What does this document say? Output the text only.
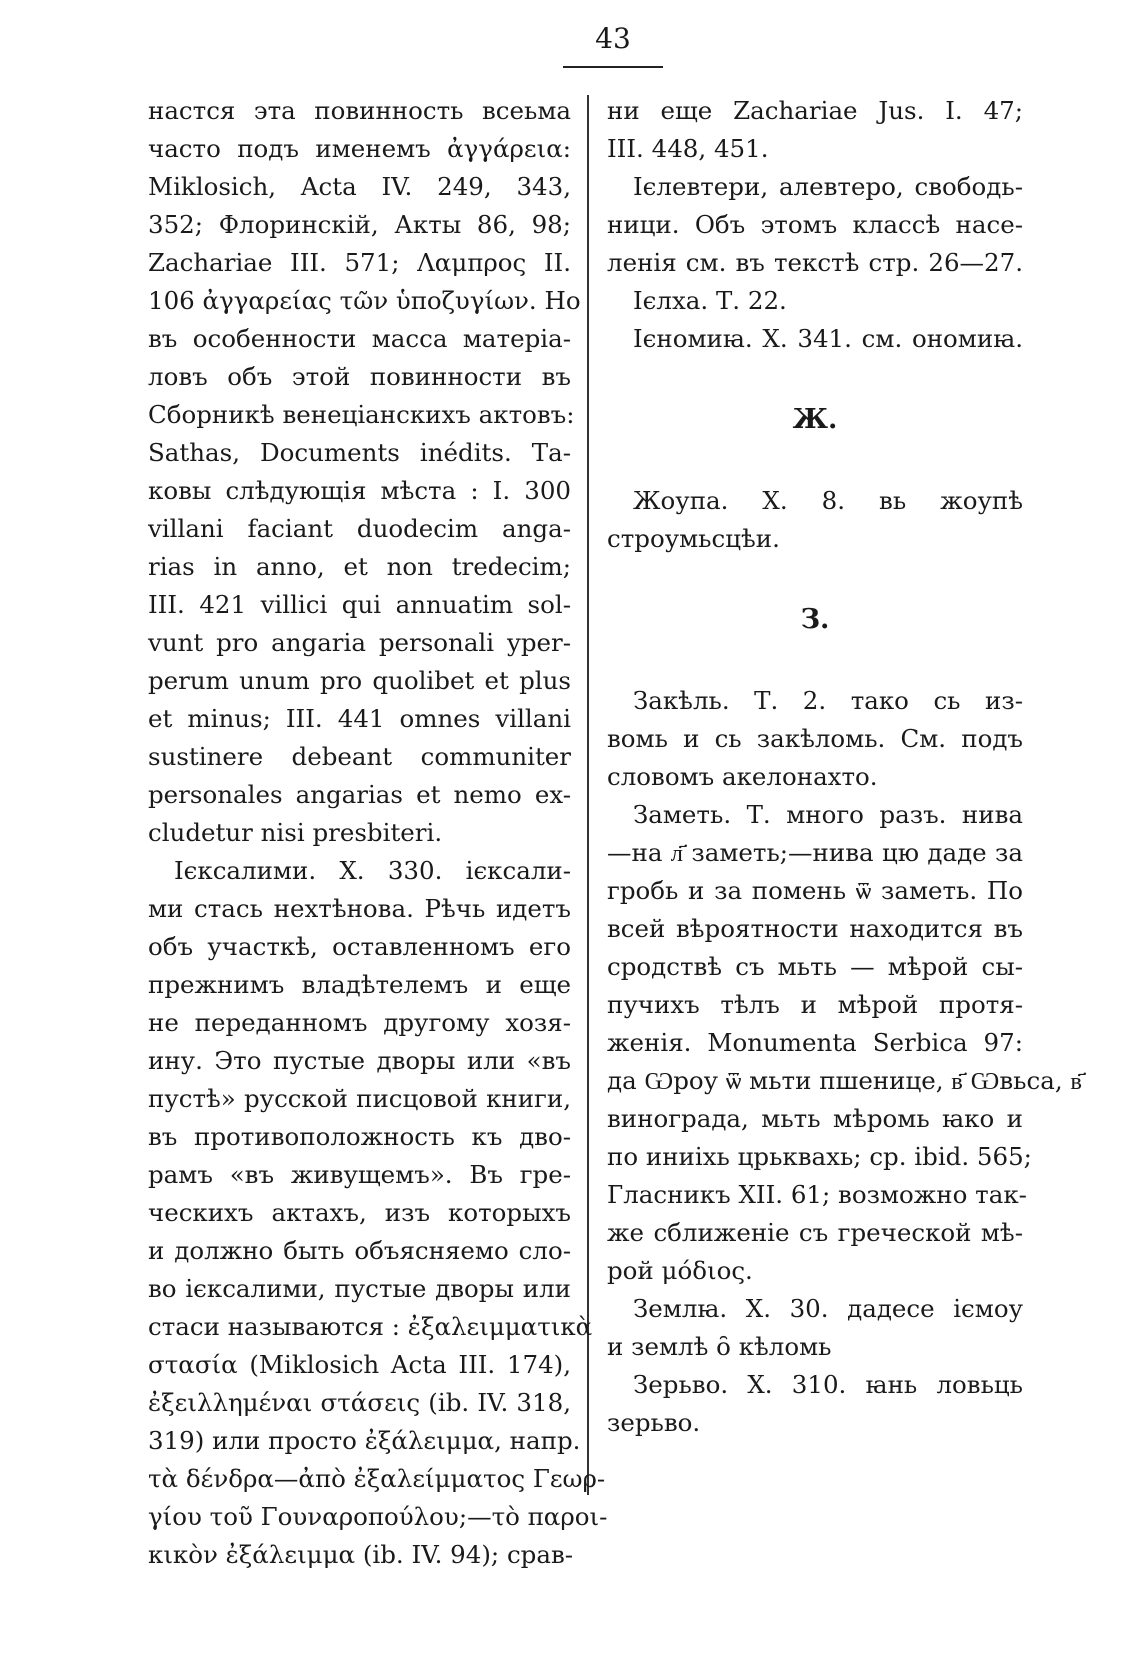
43
настся эта повинность всеьма
часто подъ именемъ ἀγγάρεια:
Miklosich, Acta IV. 249, 343,
352; Флоринскій, Акты 86, 98;
Zachariae III. 571; Λαμπρος II.
106 ἀγγαρείας τῶν ὑποζυγίων. Но
въ особенности масса матеріа-
ловъ объ этой повинности въ
Сборникѣ венеціанскихъ актовъ:
Sathas, Documents inédits. Та-
ковы слѣдующія мѣста : I. 300
villani faciant duodecim anga-
rias in anno, et non tredecim;
III. 421 villici qui annuatim sol-
vunt pro angaria personali yper-
perum unum pro quolibet et plus
et minus; III. 441 omnes villani
sustinere debeant communiter
personales angarias et nemo ex-
cludetur nisi presbiteri.
Ієксалими. Х. 330. ієксали-
ми стась нехтѣнова. Рѣчь идетъ
объ участкѣ, оставленномъ его
прежнимъ владѣтелемъ и еще
не переданномъ другому хозя-
ину. Это пустые дворы или «въ
пустѣ» русской писцовой книги,
въ противоположность къ дво-
рамъ «въ живущемъ». Въ гре-
ческихъ актахъ, изъ которыхъ
и должно быть объясняемо сло-
во ієксалими, пустые дворы или
стаси называются : ἐξαλειμματικὰ
στασία (Miklosich Acta III. 174),
ἐξειλλημέναι στάσεις (ib. IV. 318,
319) или просто ἐξάλειμμα, напр.
τὰ δένδρα—ἀπὸ ἐξαλείμματος Γεωρ-
γίου τοῦ Γουναροπούλου;—τὸ παροι-
κικὸν ἐξάλειμμα (ib. IV. 94); срав-
ни еще Zachariae Jus. I. 47;
III. 448, 451.
Ієлевтери, алевтеро, свободь-
ници. Объ этомъ классѣ насе-
ленія см. въ текстѣ стр. 26—27.
Ієлха. Т. 22.
Ієномиꙗ. Х. 341. см. ономиꙗ.
Ж.
Жоупа. Х. 8. вь жоупѣ
строумьсцѣи.
З.
Закѣль. Т. 2. тако сь из-
вомь и сь закѣломь. См. подъ
словомъ акелонахто.
Заметь. Т. много разъ. нива
—на л҃ заметь;—нива цю даде за
гробь и за помень ѿ заметь. По
всей вѣроятности находится въ
сродствѣ съ мьть — мѣрой сы-
пучихъ тѣлъ и мѣрой протя-
женія. Monumenta Serbica 97:
да Ѡроу ѿ мьти пшенице, в҃ Ѡвьса, в҃
винограда, мьть мѣромь ꙗко и
по иниіхь црьквахь; cp. ibid. 565;
Гласникъ XII. 61; возможно так-
же сближеніе съ греческой мѣ-
рой μόδιος.
Землꙗ. Х. 30. дадесе іємоу
и землѣ о̑ кѣломь
Зерьво. Х. 310. ꙗнь ловьць
зерьво.
